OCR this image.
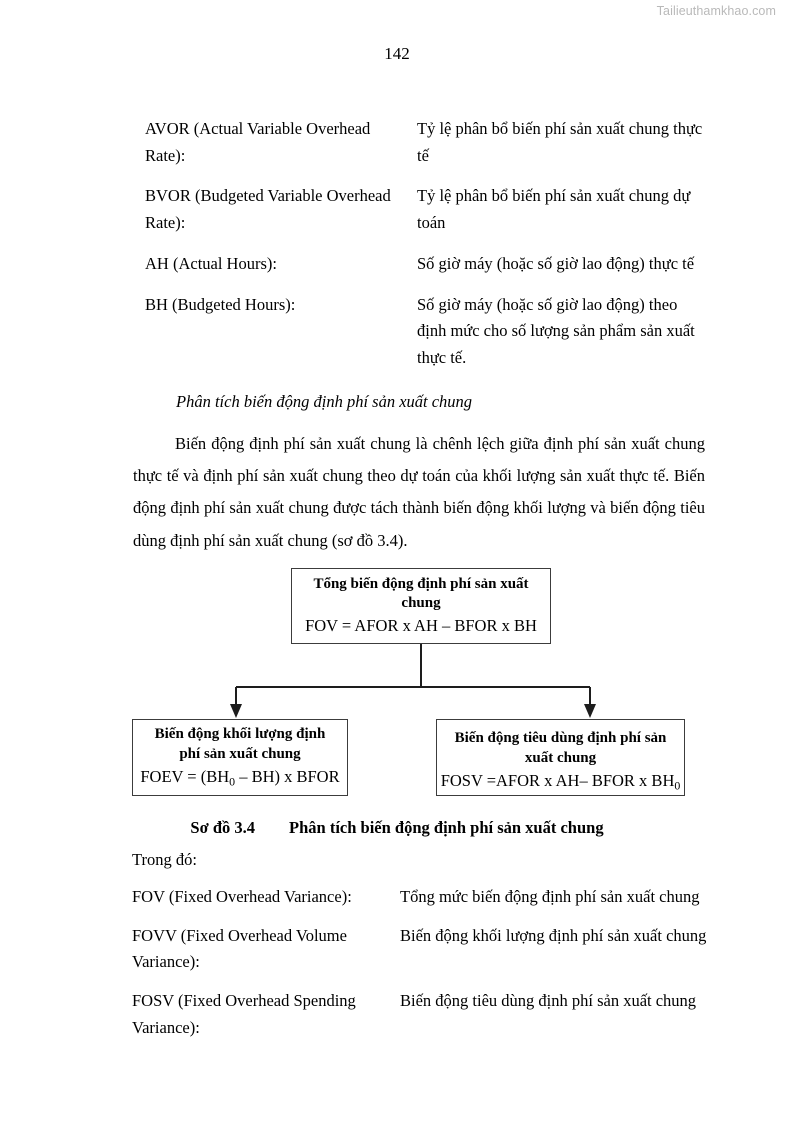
Tailieuthamkhao.com
142
AVOR (Actual Variable Overhead Rate):
Tỷ lệ phân bổ biến phí sản xuất chung thực tế
BVOR (Budgeted Variable Overhead Rate):
Tỷ lệ phân bổ biến phí sản xuất chung dự toán
AH (Actual Hours):	Số giờ máy (hoặc số giờ lao động) thực tế
BH (Budgeted Hours):	Số giờ máy (hoặc số giờ lao động) theo định mức cho số lượng sản phẩm sản xuất thực tế.
Phân tích biến động định phí sản xuất chung
Biến động định phí sản xuất chung là chênh lệch giữa định phí sản xuất chung thực tế và định phí sản xuất chung theo dự toán của khối lượng sản xuất thực tế. Biến động định phí sản xuất chung được tách thành biến động khối lượng và biến động tiêu dùng định phí sản xuất chung (sơ đồ 3.4).
Tổng biến động định phí sản xuất chung
FOV = AFOR x AH – BFOR x BH
Biến động khối lượng định phí sản xuất chung
FOEV = $(BH_0 - BH)$ x BFOR
Biến động tiêu dùng định phí sản xuất chung
FOSV =AFOR x AH– BFOR x $BH_0$
Sơ đồ 3.4 Phân tích biến động định phí sản xuất chung
Trong đó:
FOV (Fixed Overhead Variance):	Tổng mức biến động định phí sản xuất chung
FOVV (Fixed Overhead Volume Variance):
Biến động khối lượng định phí sản xuất chung
FOSV (Fixed Overhead Spending Variance):
Biến động tiêu dùng định phí sản xuất chung
